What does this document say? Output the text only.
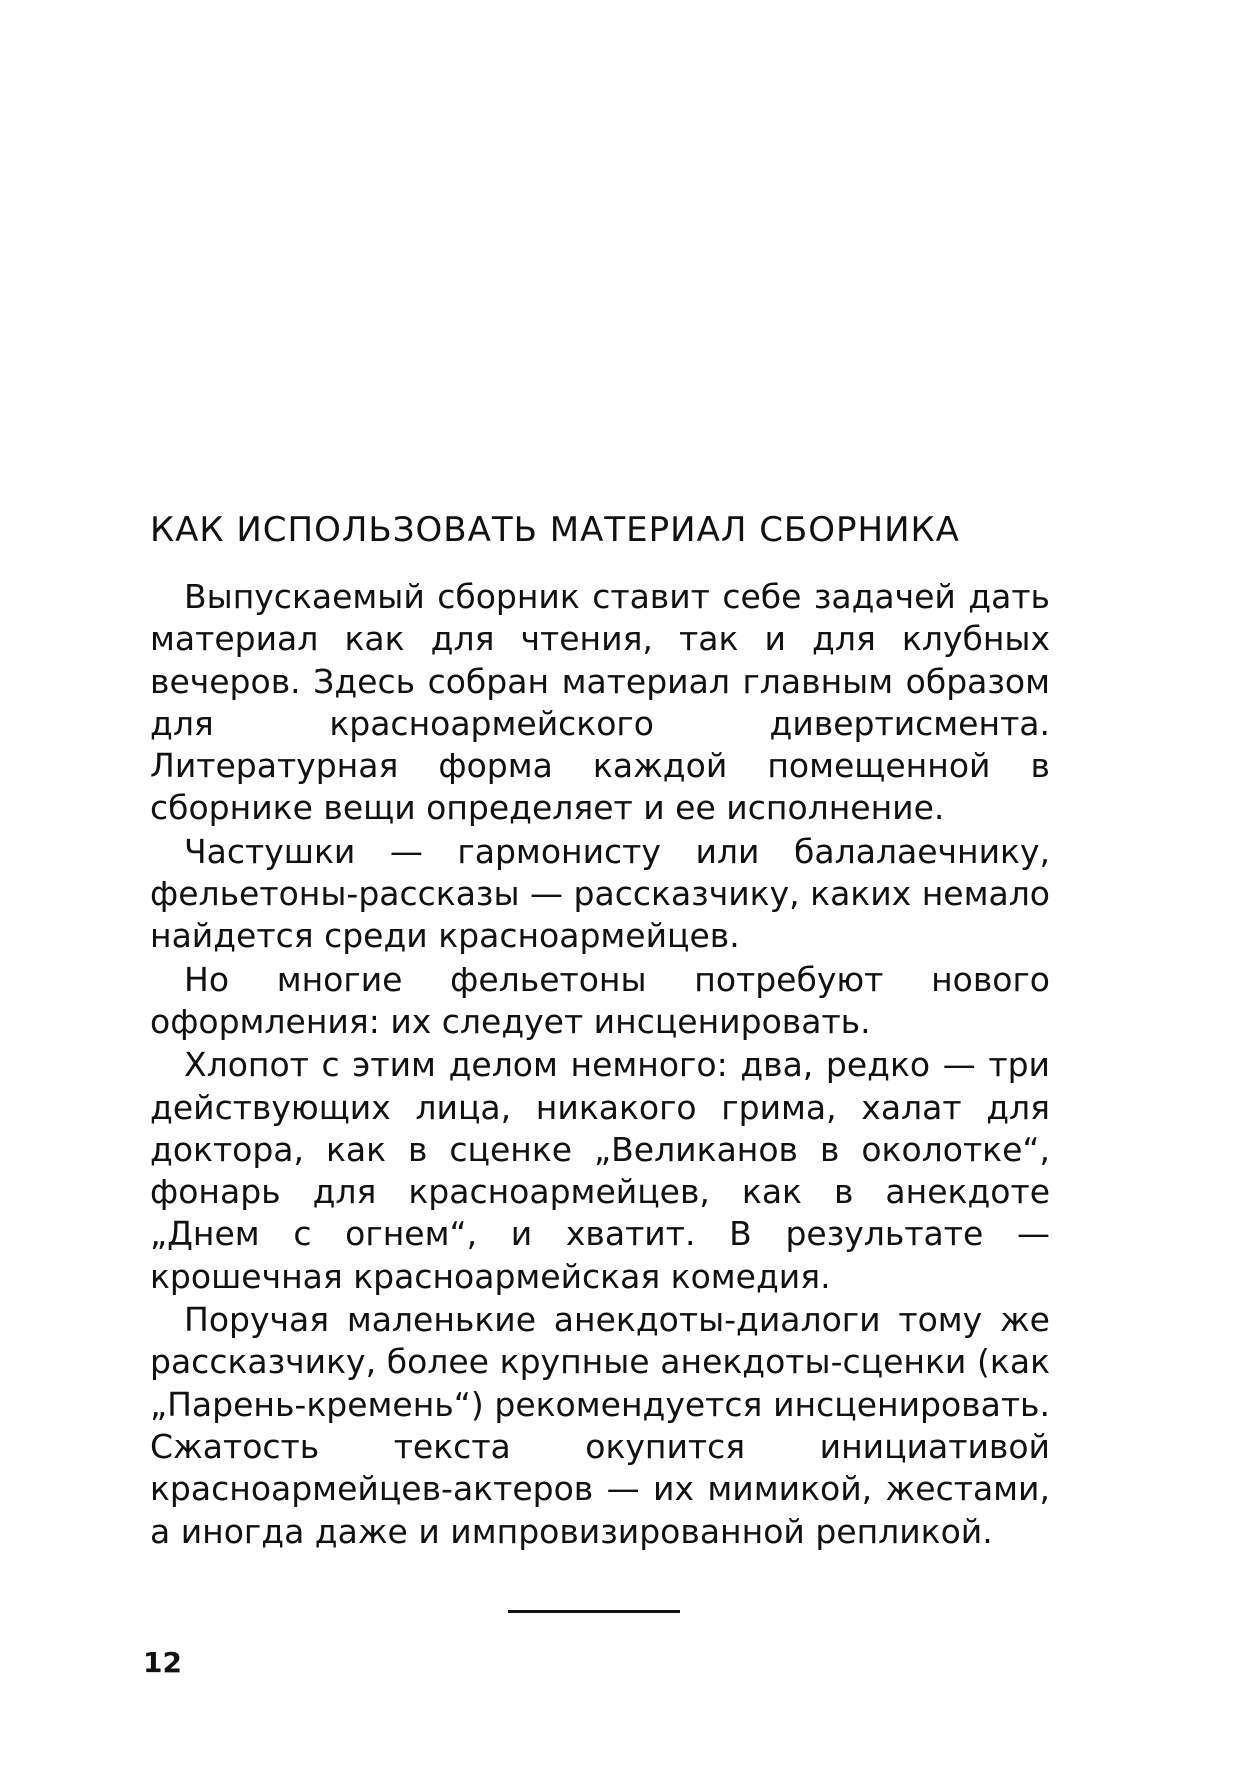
КАК ИСПОЛЬЗОВАТЬ МАТЕРИАЛ СБОРНИКА

Выпускаемый сборник ставит себе задачей дать материал как для чтения, так и для клубных вечеров. Здесь собран материал главным образом для красноармейского дивертисмента. Литературная форма каждой помещенной в сборнике вещи определяет и ее исполнение.

Частушки — гармонисту или балалаечнику, фельетоны-рассказы — рассказчику, каких немало найдется среди красноармейцев.

Но многие фельетоны потребуют нового оформления: их следует инсценировать.

Хлопот с этим делом немного: два, редко — три действующих лица, никакого грима, халат для доктора, как в сценке „Великанов в околотке“, фонарь для красноармейцев, как в анекдоте „Днем с огнем“, и хватит. В результате — крошечная красноармейская комедия.

Поручая маленькие анекдоты-диалоги тому же рассказчику, более крупные анекдоты-сценки (как „Парень-кремень“) рекомендуется инсценировать. Сжатость текста окупится инициативой красноармейцев-актеров — их мимикой, жестами, а иногда даже и импровизированной репликой.

12
